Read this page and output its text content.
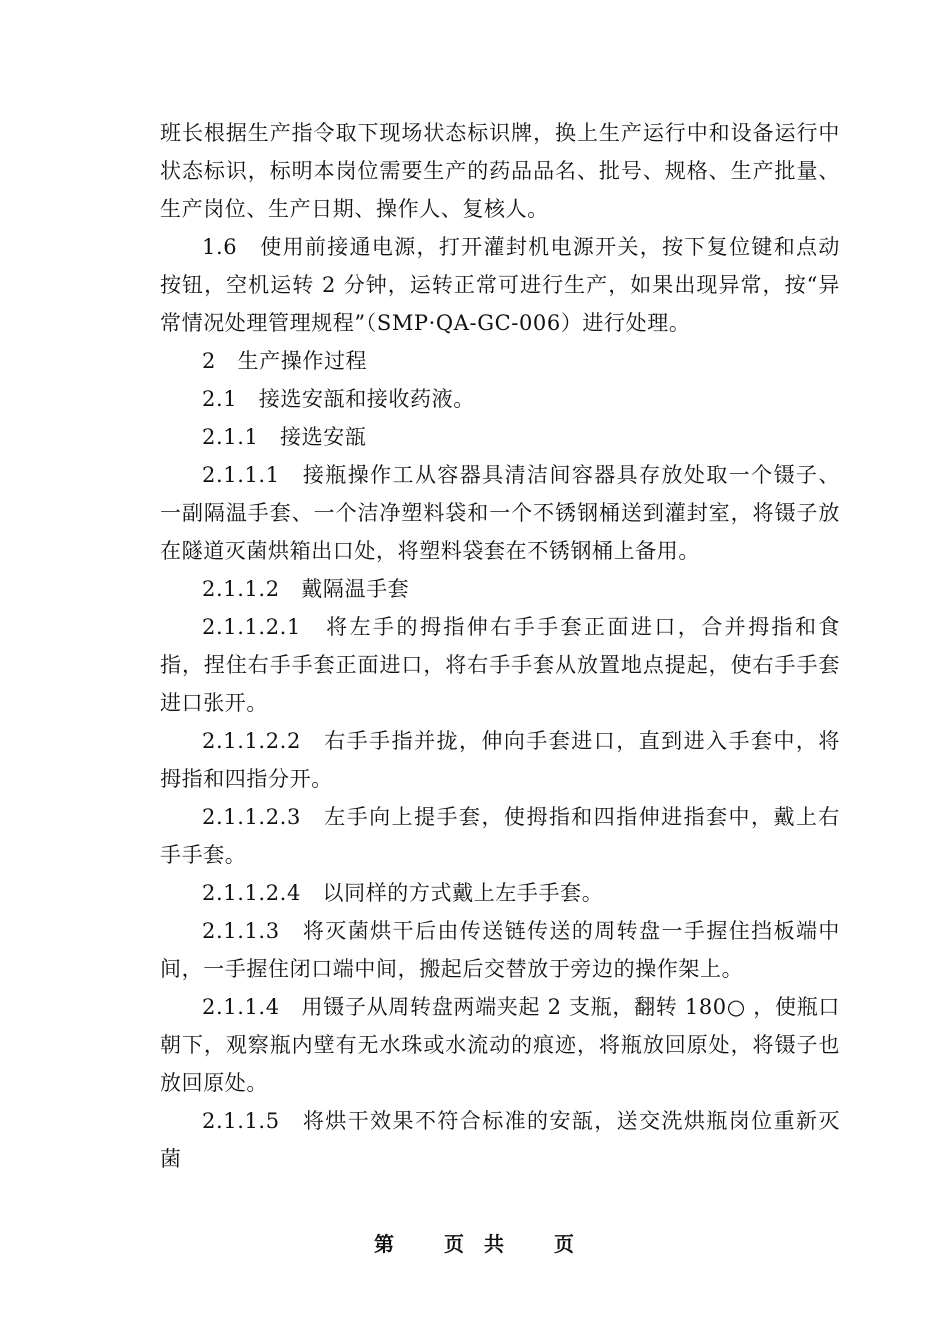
班长根据生产指令取下现场状态标识牌，换上生产运行中和设备运行中状态标识，标明本岗位需要生产的药品品名、批号、规格、生产批量、生产岗位、生产日期、操作人、复核人。

1.6　使用前接通电源，打开灌封机电源开关，按下复位键和点动按钮，空机运转 2 分钟，运转正常可进行生产，如果出现异常，按“异常情况处理管理规程”（SMP·QA-GC-006）进行处理。

2　生产操作过程

2.1　接选安瓿和接收药液。

2.1.1　接选安瓿

2.1.1.1　接瓶操作工从容器具清洁间容器具存放处取一个镊子、一副隔温手套、一个洁净塑料袋和一个不锈钢桶送到灌封室，将镊子放在隧道灭菌烘箱出口处，将塑料袋套在不锈钢桶上备用。

2.1.1.2　戴隔温手套

2.1.1.2.1　将左手的拇指伸右手手套正面进口，合并拇指和食指，捏住右手手套正面进口，将右手手套从放置地点提起，使右手手套进口张开。

2.1.1.2.2　右手手指并拢，伸向手套进口，直到进入手套中，将拇指和四指分开。

2.1.1.2.3　左手向上提手套，使拇指和四指伸进指套中，戴上右手手套。

2.1.1.2.4　以同样的方式戴上左手手套。

2.1.1.3　将灭菌烘干后由传送链传送的周转盘一手握住挡板端中间，一手握住闭口端中间，搬起后交替放于旁边的操作架上。

2.1.1.4　用镊子从周转盘两端夹起 2 支瓶，翻转 180○ ，使瓶口朝下，观察瓶内壁有无水珠或水流动的痕迹，将瓶放回原处，将镊子也放回原处。

2.1.1.5　将烘干效果不符合标准的安瓿，送交洗烘瓶岗位重新灭菌

第 页 共 页
